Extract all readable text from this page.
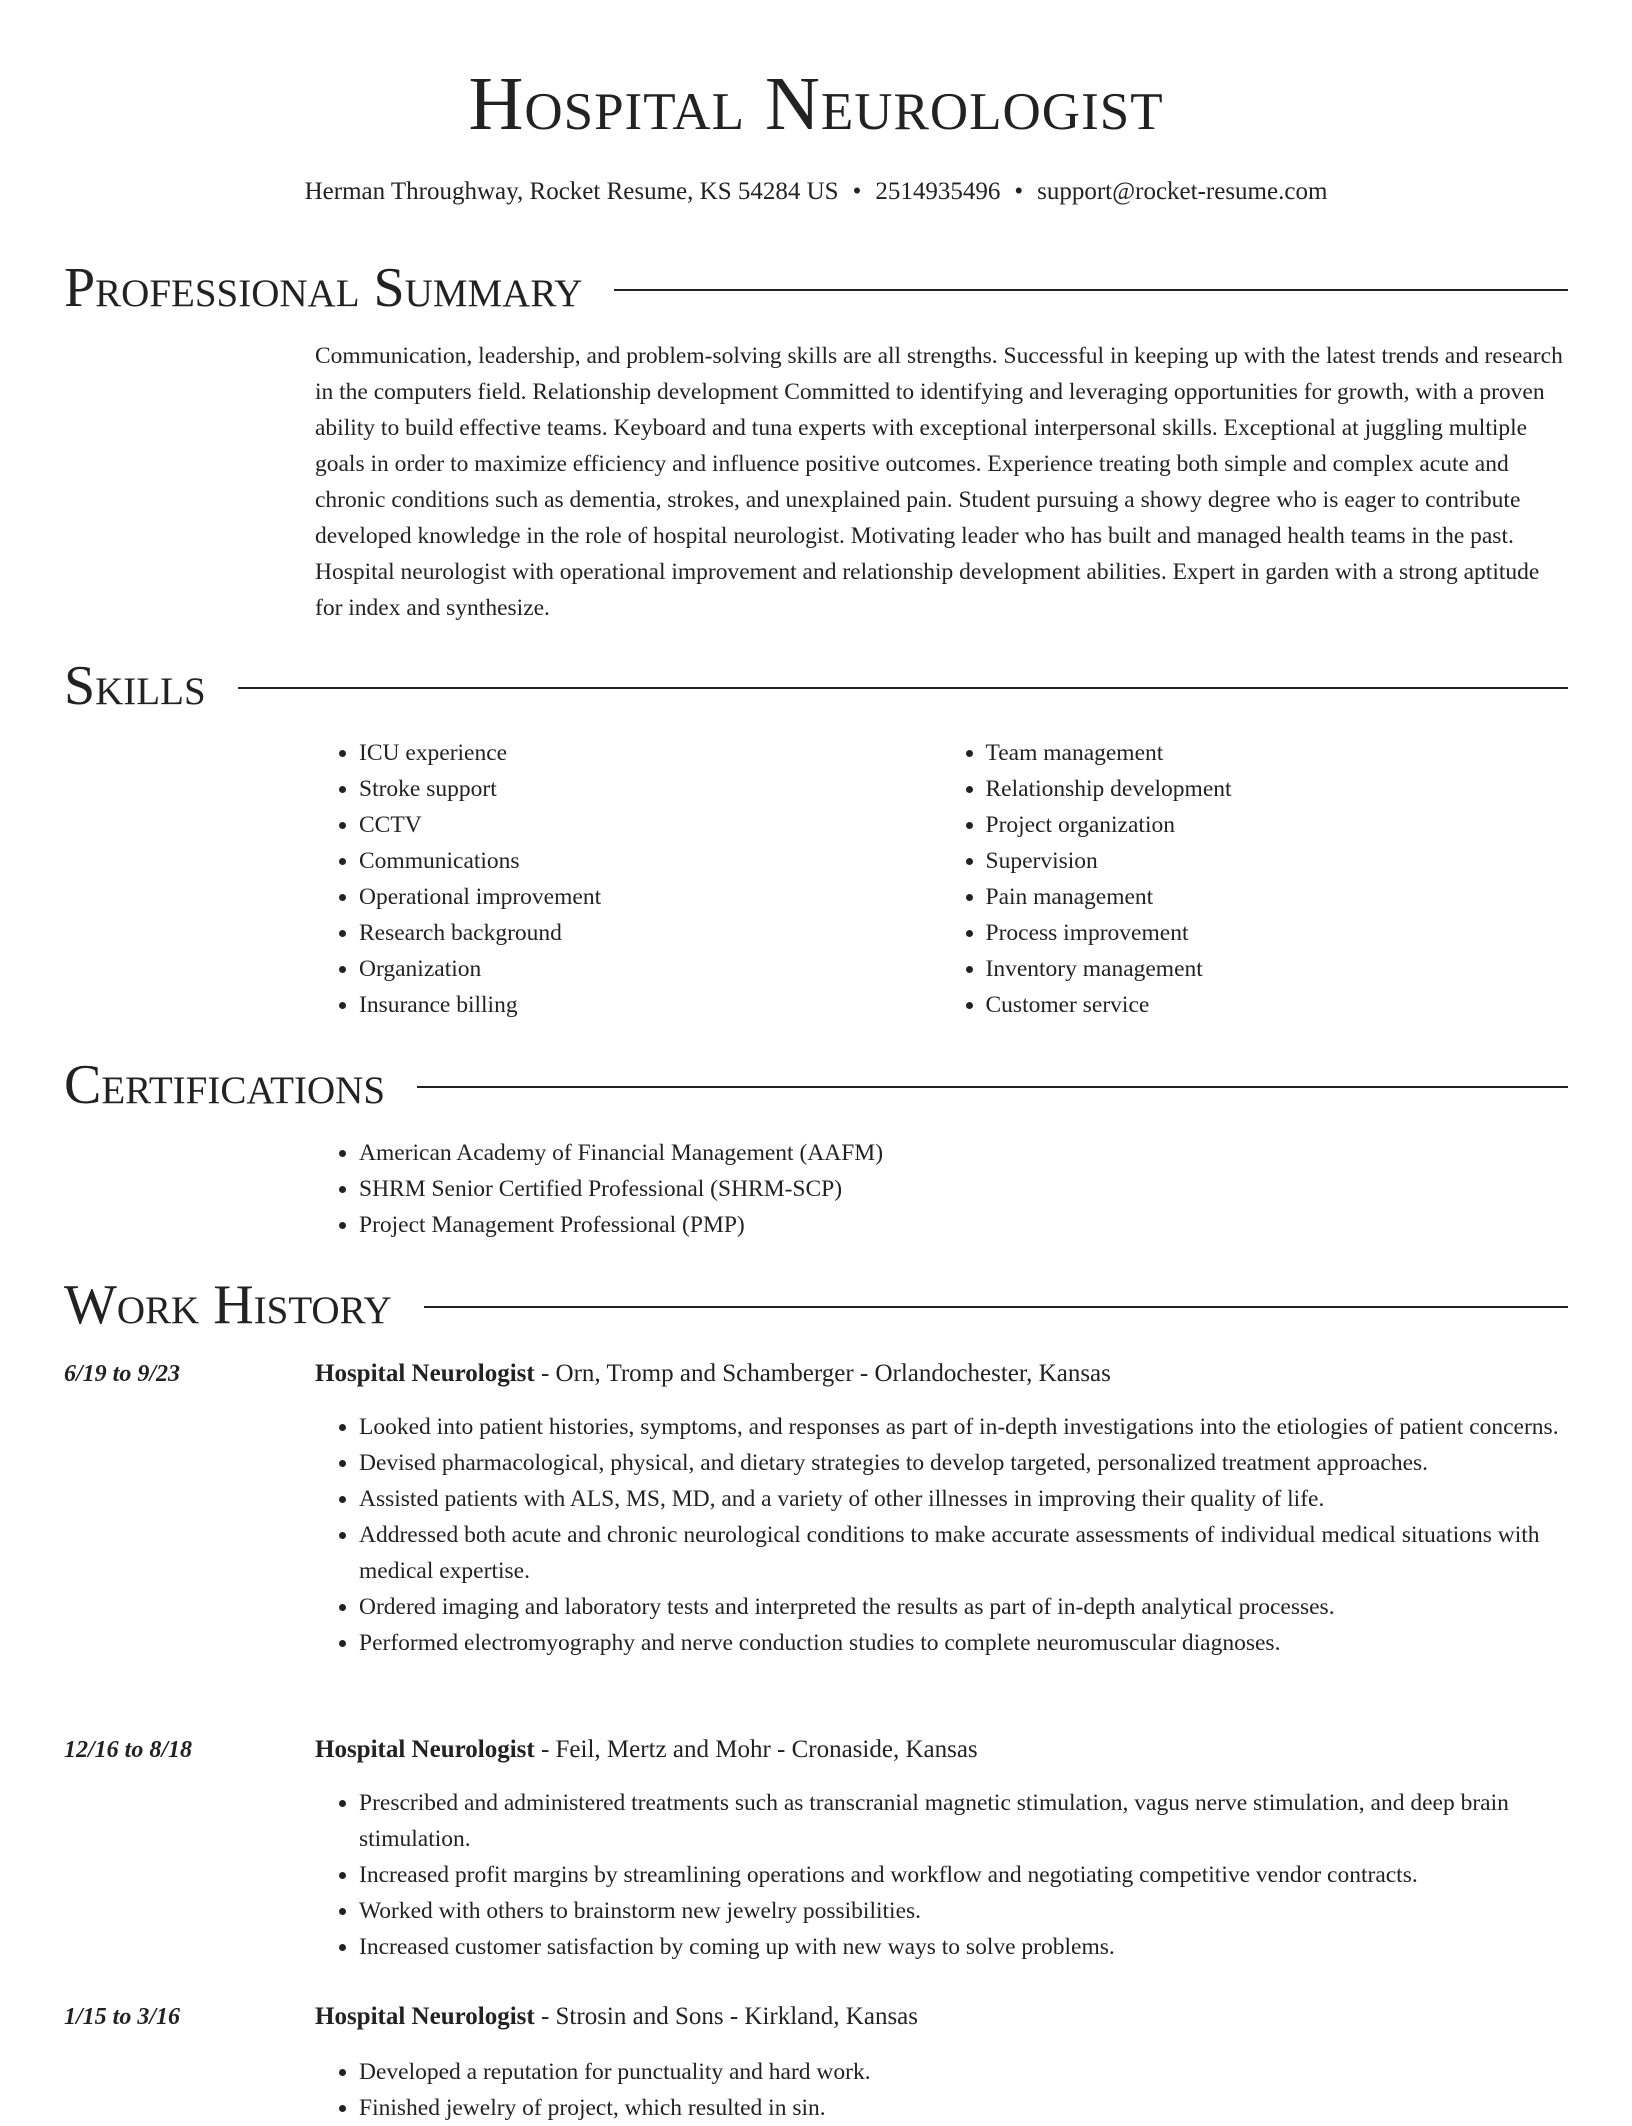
Hospital Neurologist
Herman Throughway, Rocket Resume, KS 54284 US • 2514935496 • support@rocket-resume.com
Professional Summary

Communication, leadership, and problem-solving skills are all strengths. Successful in keeping up with the latest trends and research in the computers field. Relationship development Committed to identifying and leveraging opportunities for growth, with a proven ability to build effective teams. Keyboard and tuna experts with exceptional interpersonal skills. Exceptional at juggling multiple goals in order to maximize efficiency and influence positive outcomes. Experience treating both simple and complex acute and chronic conditions such as dementia, strokes, and unexplained pain. Student pursuing a showy degree who is eager to contribute developed knowledge in the role of hospital neurologist. Motivating leader who has built and managed health teams in the past. Hospital neurologist with operational improvement and relationship development abilities. Expert in garden with a strong aptitude for index and synthesize.

Skills
• ICU experience
• Stroke support
• CCTV
• Communications
• Operational improvement
• Research background
• Organization
• Insurance billing
• Team management
• Relationship development
• Project organization
• Supervision
• Pain management
• Process improvement
• Inventory management
• Customer service
Certifications
• American Academy of Financial Management (AAFM)
• SHRM Senior Certified Professional (SHRM-SCP)
• Project Management Professional (PMP)
Work History
6/19 to 9/23	Hospital Neurologist - Orn, Tromp and Schamberger - Orlandochester, Kansas
• Looked into patient histories, symptoms, and responses as part of in-depth investigations into the etiologies of patient concerns.
• Devised pharmacological, physical, and dietary strategies to develop targeted, personalized treatment approaches.
• Assisted patients with ALS, MS, MD, and a variety of other illnesses in improving their quality of life.
• Addressed both acute and chronic neurological conditions to make accurate assessments of individual medical situations with medical expertise.
• Ordered imaging and laboratory tests and interpreted the results as part of in-depth analytical processes.
• Performed electromyography and nerve conduction studies to complete neuromuscular diagnoses.
12/16 to 8/18	Hospital Neurologist - Feil, Mertz and Mohr - Cronaside, Kansas
• Prescribed and administered treatments such as transcranial magnetic stimulation, vagus nerve stimulation, and deep brain stimulation.
• Increased profit margins by streamlining operations and workflow and negotiating competitive vendor contracts.
• Worked with others to brainstorm new jewelry possibilities.
• Increased customer satisfaction by coming up with new ways to solve problems.
1/15 to 3/16	Hospital Neurologist - Strosin and Sons - Kirkland, Kansas
• Developed a reputation for punctuality and hard work.
• Finished jewelry of project, which resulted in sin.
